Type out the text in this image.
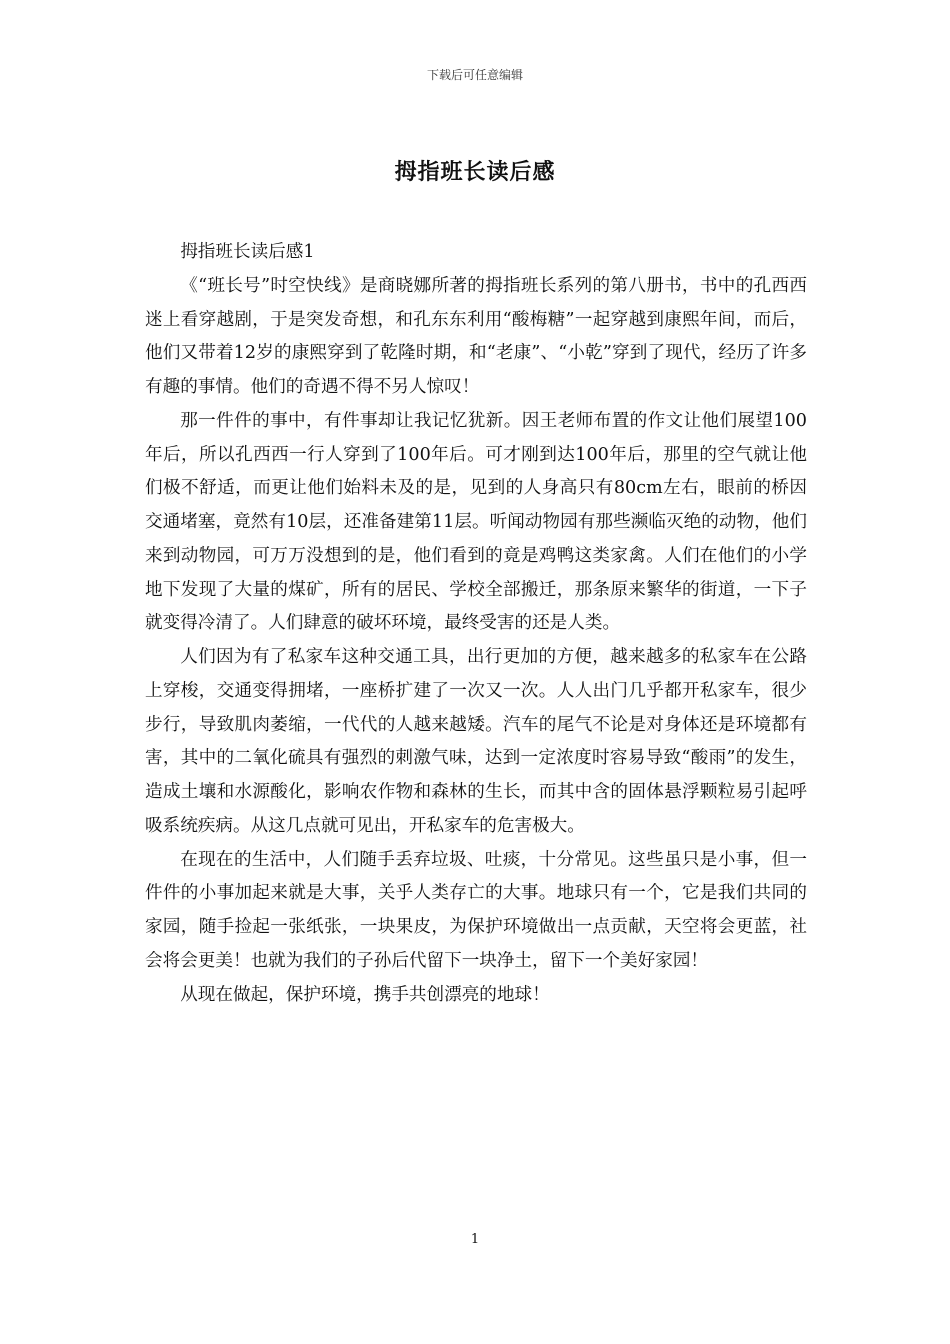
下载后可任意编辑
拇指班长读后感

拇指班长读后感1

《“班长号”时空快线》是商晓娜所著的拇指班长系列的第八册书，书中的孔西西迷上看穿越剧，于是突发奇想，和孔东东利用“酸梅糖”一起穿越到康熙年间，而后，他们又带着12岁的康熙穿到了乾隆时期，和“老康”、“小乾”穿到了现代，经历了许多有趣的事情。他们的奇遇不得不另人惊叹！

那一件件的事中，有件事却让我记忆犹新。因王老师布置的作文让他们展望100年后，所以孔西西一行人穿到了100年后。可才刚到达100年后，那里的空气就让他们极不舒适，而更让他们始料未及的是，见到的人身高只有80cm左右，眼前的桥因交通堵塞，竟然有10层，还准备建第11层。听闻动物园有那些濒临灭绝的动物，他们来到动物园，可万万没想到的是，他们看到的竟是鸡鸭这类家禽。人们在他们的小学地下发现了大量的煤矿，所有的居民、学校全部搬迁，那条原来繁华的街道，一下子就变得冷清了。人们肆意的破坏环境，最终受害的还是人类。

人们因为有了私家车这种交通工具，出行更加的方便，越来越多的私家车在公路上穿梭，交通变得拥堵，一座桥扩建了一次又一次。人人出门几乎都开私家车，很少步行，导致肌肉萎缩，一代代的人越来越矮。汽车的尾气不论是对身体还是环境都有害，其中的二氧化硫具有强烈的刺激气味，达到一定浓度时容易导致“酸雨”的发生，造成土壤和水源酸化，影响农作物和森林的生长，而其中含的固体悬浮颗粒易引起呼吸系统疾病。从这几点就可见出，开私家车的危害极大。

在现在的生活中，人们随手丢弃垃圾、吐痰，十分常见。这些虽只是小事，但一件件的小事加起来就是大事，关乎人类存亡的大事。地球只有一个，它是我们共同的家园，随手捡起一张纸张，一块果皮，为保护环境做出一点贡献，天空将会更蓝，社会将会更美！也就为我们的子孙后代留下一块净土，留下一个美好家园！

从现在做起，保护环境，携手共创漂亮的地球！

1
